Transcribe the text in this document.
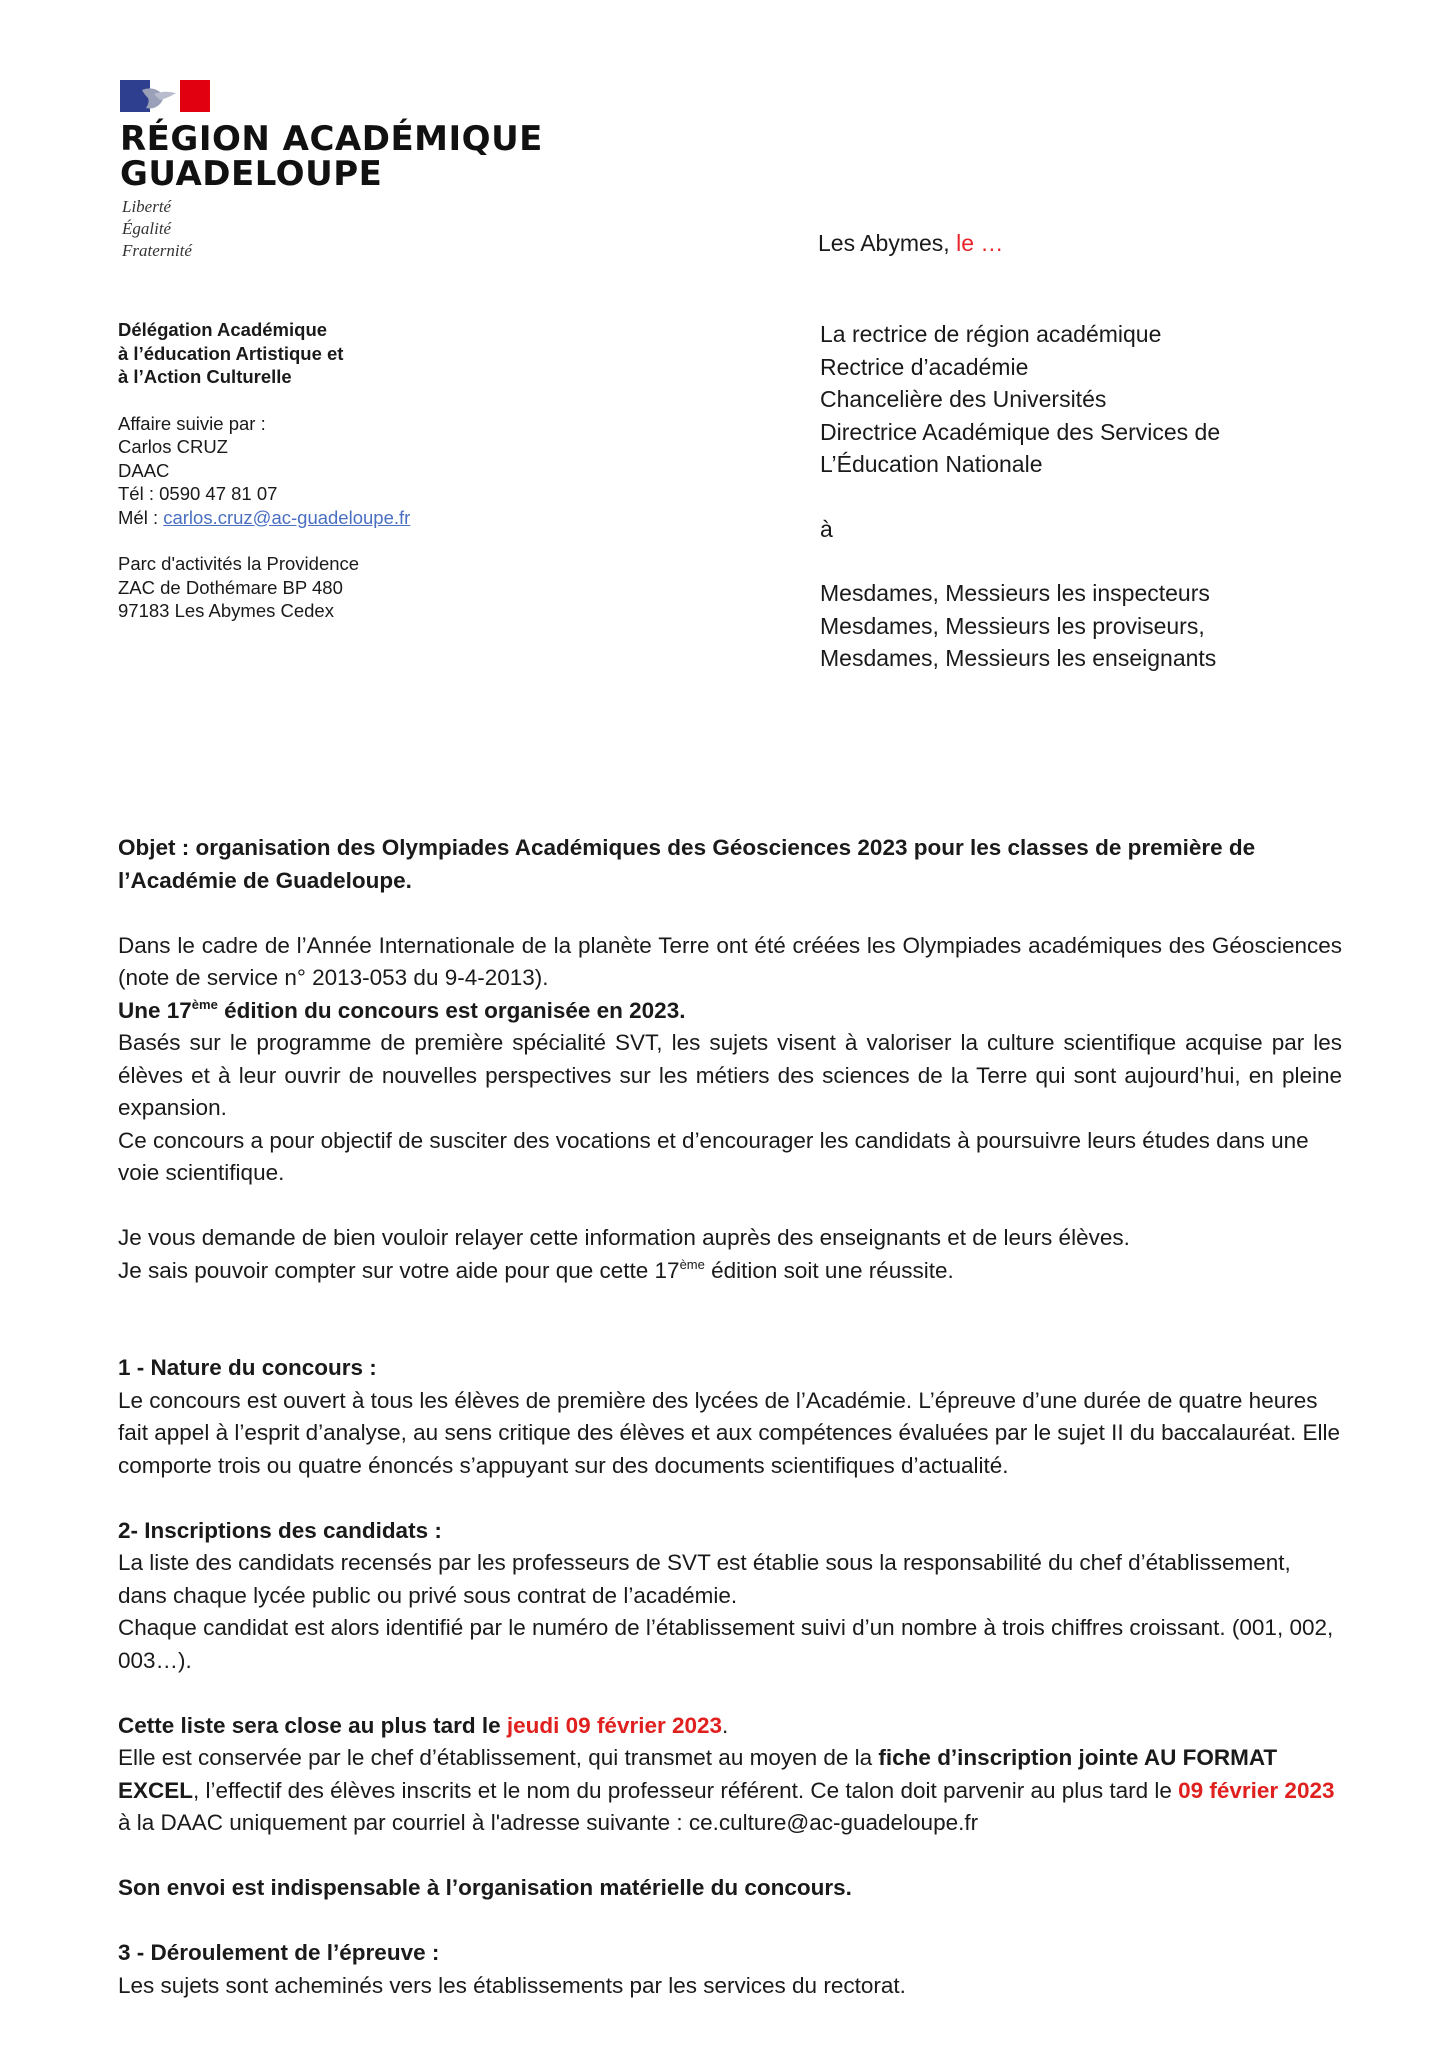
RÉGION ACADÉMIQUE
GUADELOUPE
Liberté
Égalité
Fraternité	Les Abymes, le …
Délégation Académique
à l’éducation Artistique et
à l’Action Culturelle
Affaire suivie par :
Carlos CRUZ
DAAC
Tél : 0590 47 81 07
Mél : carlos.cruz@ac-guadeloupe.fr
Parc d'activités la Providence
ZAC de Dothémare BP 480
97183 Les Abymes Cedex
La rectrice de région académique
Rectrice d’académie
Chancelière des Universités
Directrice Académique des Services de
L’Éducation Nationale
à
Mesdames, Messieurs les inspecteurs
Mesdames, Messieurs les proviseurs,
Mesdames, Messieurs les enseignants

Objet : organisation des Olympiades Académiques des Géosciences 2023 pour les classes de première de l’Académie de Guadeloupe.

Dans le cadre de l’Année Internationale de la planète Terre ont été créées les Olympiades académiques des Géosciences (note de service n° 2013-053 du 9-4-2013).

Une 17ème édition du concours est organisée en 2023.

Basés sur le programme de première spécialité SVT, les sujets visent à valoriser la culture scientifique acquise par les élèves et à leur ouvrir de nouvelles perspectives sur les métiers des sciences de la Terre qui sont aujourd’hui, en pleine expansion.

Ce concours a pour objectif de susciter des vocations et d’encourager les candidats à poursuivre leurs études dans une voie scientifique.

Je vous demande de bien vouloir relayer cette information auprès des enseignants et de leurs élèves.

Je sais pouvoir compter sur votre aide pour que cette 17ème édition soit une réussite.

1 - Nature du concours :

Le concours est ouvert à tous les élèves de première des lycées de l’Académie. L’épreuve d’une durée de quatre heures fait appel à l’esprit d’analyse, au sens critique des élèves et aux compétences évaluées par le sujet II du baccalauréat. Elle comporte trois ou quatre énoncés s’appuyant sur des documents scientifiques d’actualité.

2- Inscriptions des candidats :

La liste des candidats recensés par les professeurs de SVT est établie sous la responsabilité du chef d’établissement, dans chaque lycée public ou privé sous contrat de l’académie.

Chaque candidat est alors identifié par le numéro de l’établissement suivi d’un nombre à trois chiffres croissant. (001, 002, 003…).

Cette liste sera close au plus tard le jeudi 09 février 2023.

Elle est conservée par le chef d’établissement, qui transmet au moyen de la fiche d’inscription jointe AU FORMAT EXCEL, l’effectif des élèves inscrits et le nom du professeur référent. Ce talon doit parvenir au plus tard le 09 février 2023 à la DAAC uniquement par courriel à l'adresse suivante : ce.culture@ac-guadeloupe.fr

Son envoi est indispensable à l’organisation matérielle du concours.

3 - Déroulement de l’épreuve :

Les sujets sont acheminés vers les établissements par les services du rectorat.
